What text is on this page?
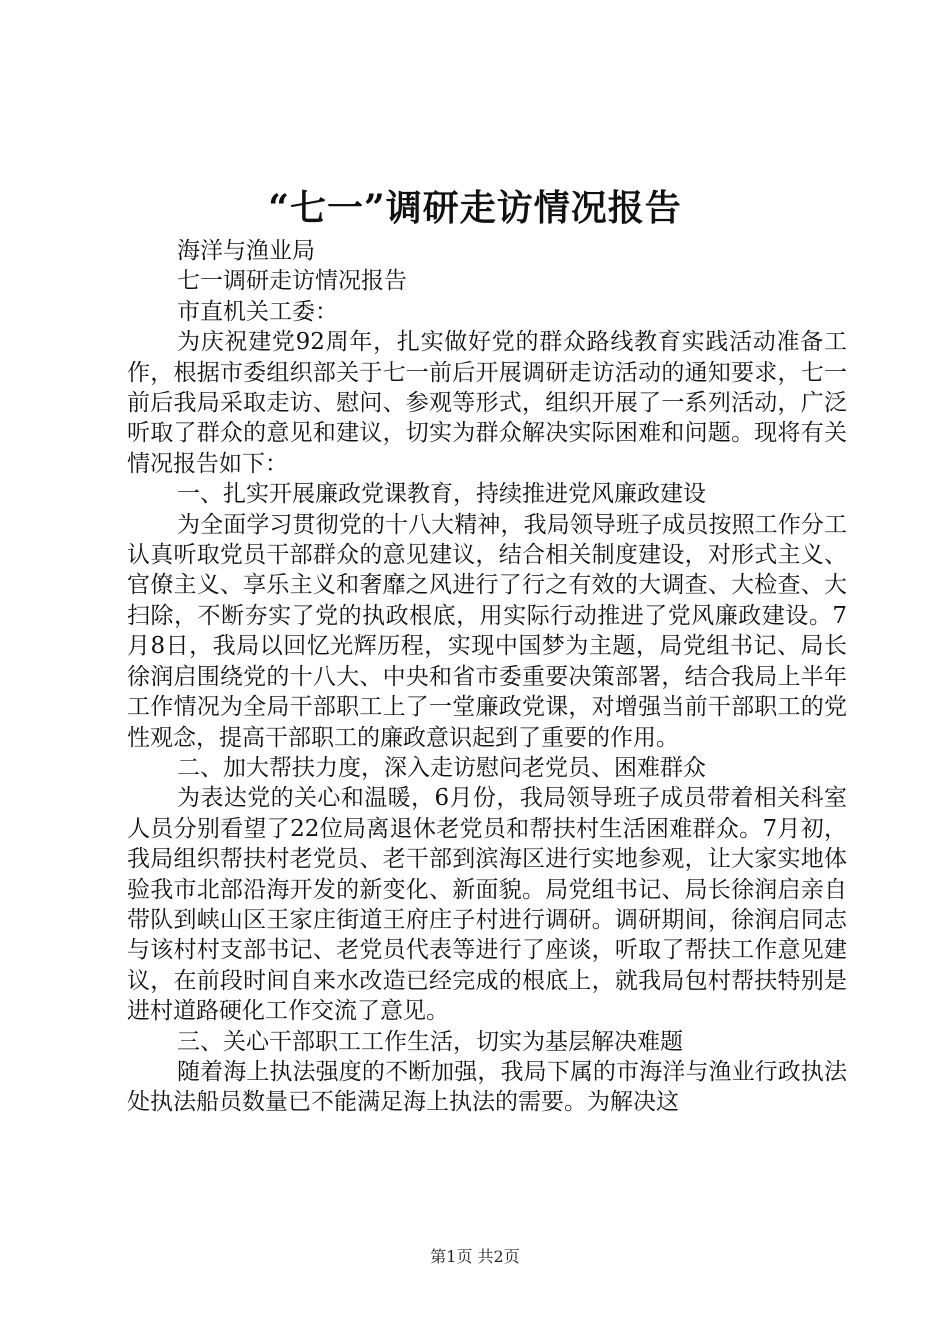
“七一”调研走访情况报告

海洋与渔业局

七一调研走访情况报告

市直机关工委：

为庆祝建党92周年，扎实做好党的群众路线教育实践活动准备工作，根据市委组织部关于七一前后开展调研走访活动的通知要求，七一前后我局采取走访、慰问、参观等形式，组织开展了一系列活动，广泛听取了群众的意见和建议，切实为群众解决实际困难和问题。现将有关情况报告如下：

一、扎实开展廉政党课教育，持续推进党风廉政建设

为全面学习贯彻党的十八大精神，我局领导班子成员按照工作分工认真听取党员干部群众的意见建议，结合相关制度建设，对形式主义、官僚主义、享乐主义和奢靡之风进行了行之有效的大调查、大检查、大扫除，不断夯实了党的执政根底，用实际行动推进了党风廉政建设。7月8日，我局以回忆光辉历程，实现中国梦为主题，局党组书记、局长徐润启围绕党的十八大、中央和省市委重要决策部署，结合我局上半年工作情况为全局干部职工上了一堂廉政党课，对增强当前干部职工的党性观念，提高干部职工的廉政意识起到了重要的作用。

二、加大帮扶力度，深入走访慰问老党员、困难群众

为表达党的关心和温暖，6月份，我局领导班子成员带着相关科室人员分别看望了22位局离退休老党员和帮扶村生活困难群众。7月初，我局组织帮扶村老党员、老干部到滨海区进行实地参观，让大家实地体验我市北部沿海开发的新变化、新面貌。局党组书记、局长徐润启亲自带队到峡山区王家庄街道王府庄子村进行调研。调研期间，徐润启同志与该村村支部书记、老党员代表等进行了座谈，听取了帮扶工作意见建议，在前段时间自来水改造已经完成的根底上，就我局包村帮扶特别是进村道路硬化工作交流了意见。

三、关心干部职工工作生活，切实为基层解决难题

随着海上执法强度的不断加强，我局下属的市海洋与渔业行政执法处执法船员数量已不能满足海上执法的需要。为解决这

第1页 共2页
